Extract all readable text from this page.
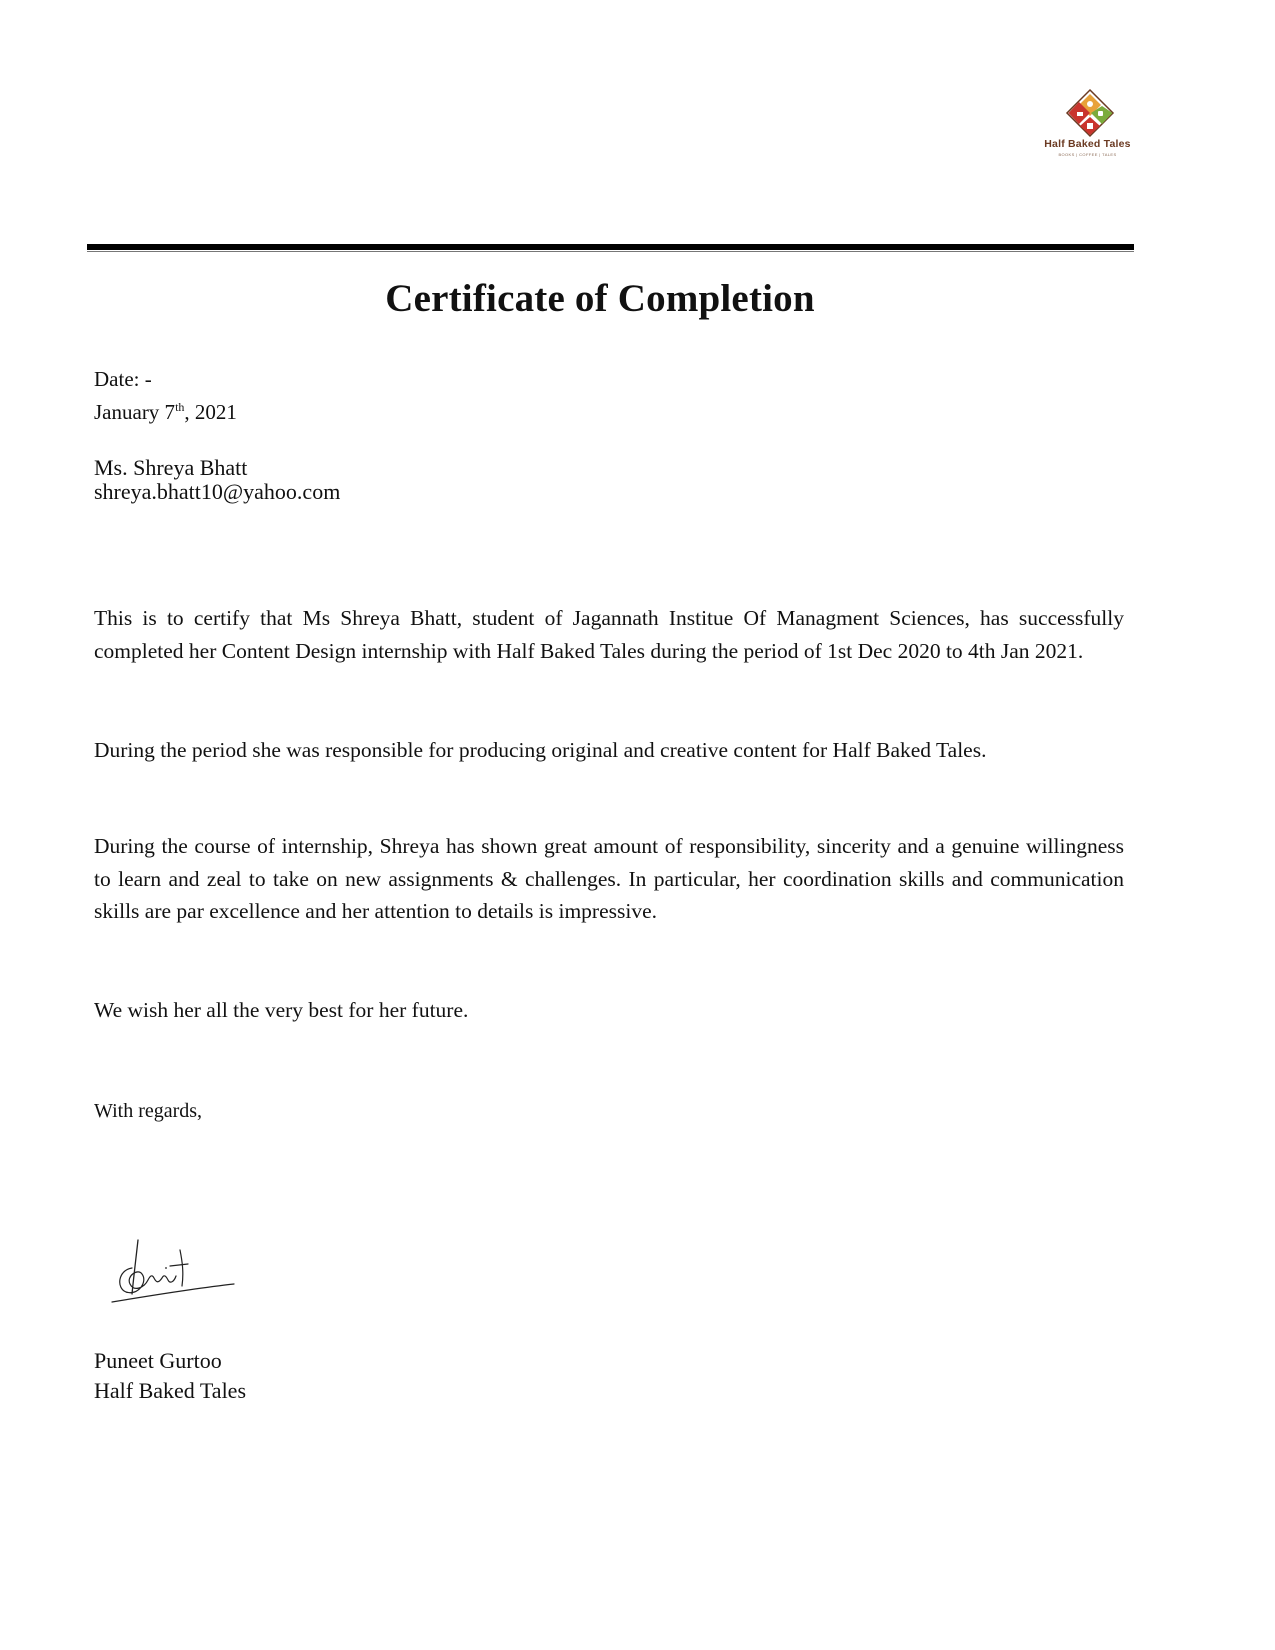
Half Baked Tales
BOOKS | COFFEE | TALES
Certificate of Completion
Date: -
January 7th, 2021
Ms. Shreya Bhatt
shreya.bhatt10@yahoo.com

This is to certify that Ms Shreya Bhatt, student of Jagannath Institue Of Managment Sciences, has successfully completed her Content Design internship with Half Baked Tales during the period of 1st Dec 2020 to 4th Jan 2021.

During the period she was responsible for producing original and creative content for Half Baked Tales.

During the course of internship, Shreya has shown great amount of responsibility, sincerity and a genuine willingness to learn and zeal to take on new assignments & challenges. In particular, her coordination skills and communication skills are par excellence and her attention to details is impressive.

We wish her all the very best for her future.

With regards,
Puneet Gurtoo
Half Baked Tales
